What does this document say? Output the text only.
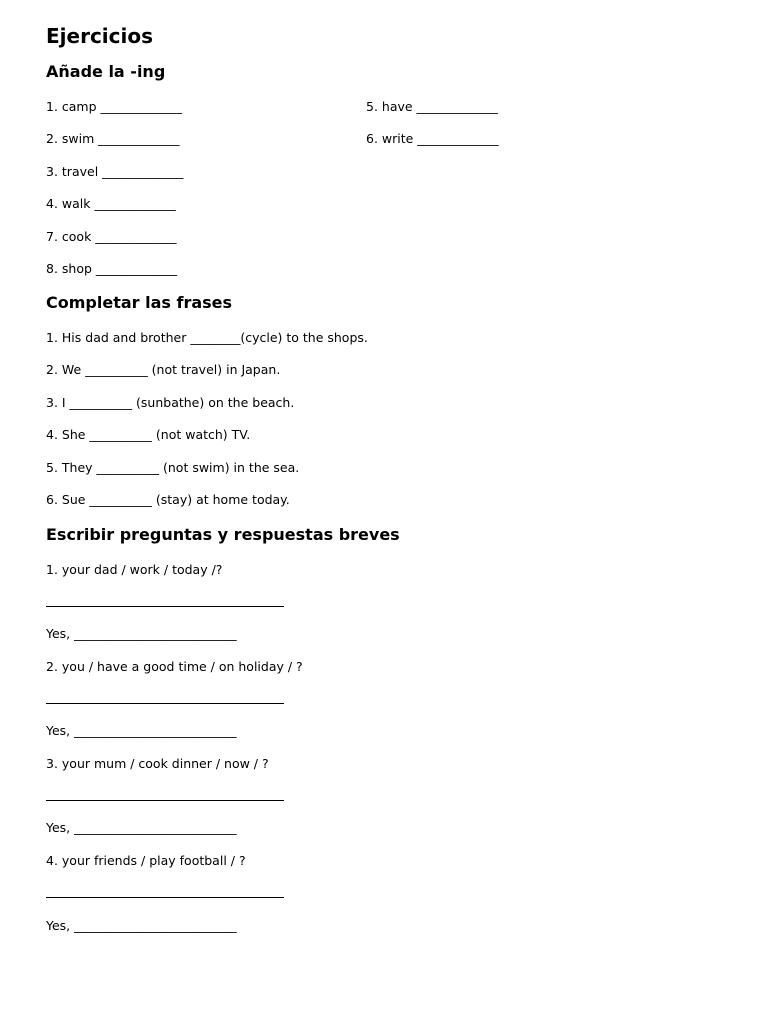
Ejercicios
Añade la -ing
1. camp _____________
2. swim _____________
3. travel _____________
4. walk _____________
7. cook _____________
8. shop _____________
5. have _____________
6. write _____________
Completar las frases
1. His dad and brother ________(cycle) to the shops.
2. We __________ (not travel) in Japan.
3. I __________ (sunbathe) on the beach.
4. She __________ (not watch) TV.
5. They __________ (not swim) in the sea.
6. Sue __________ (stay) at home today.
Escribir preguntas y respuestas breves
1. your dad / work / today /?
Yes, __________________________
2. you / have a good time / on holiday / ?
Yes, __________________________
3. your mum / cook dinner / now / ?
Yes, __________________________
4. your friends / play football / ?
Yes, __________________________
